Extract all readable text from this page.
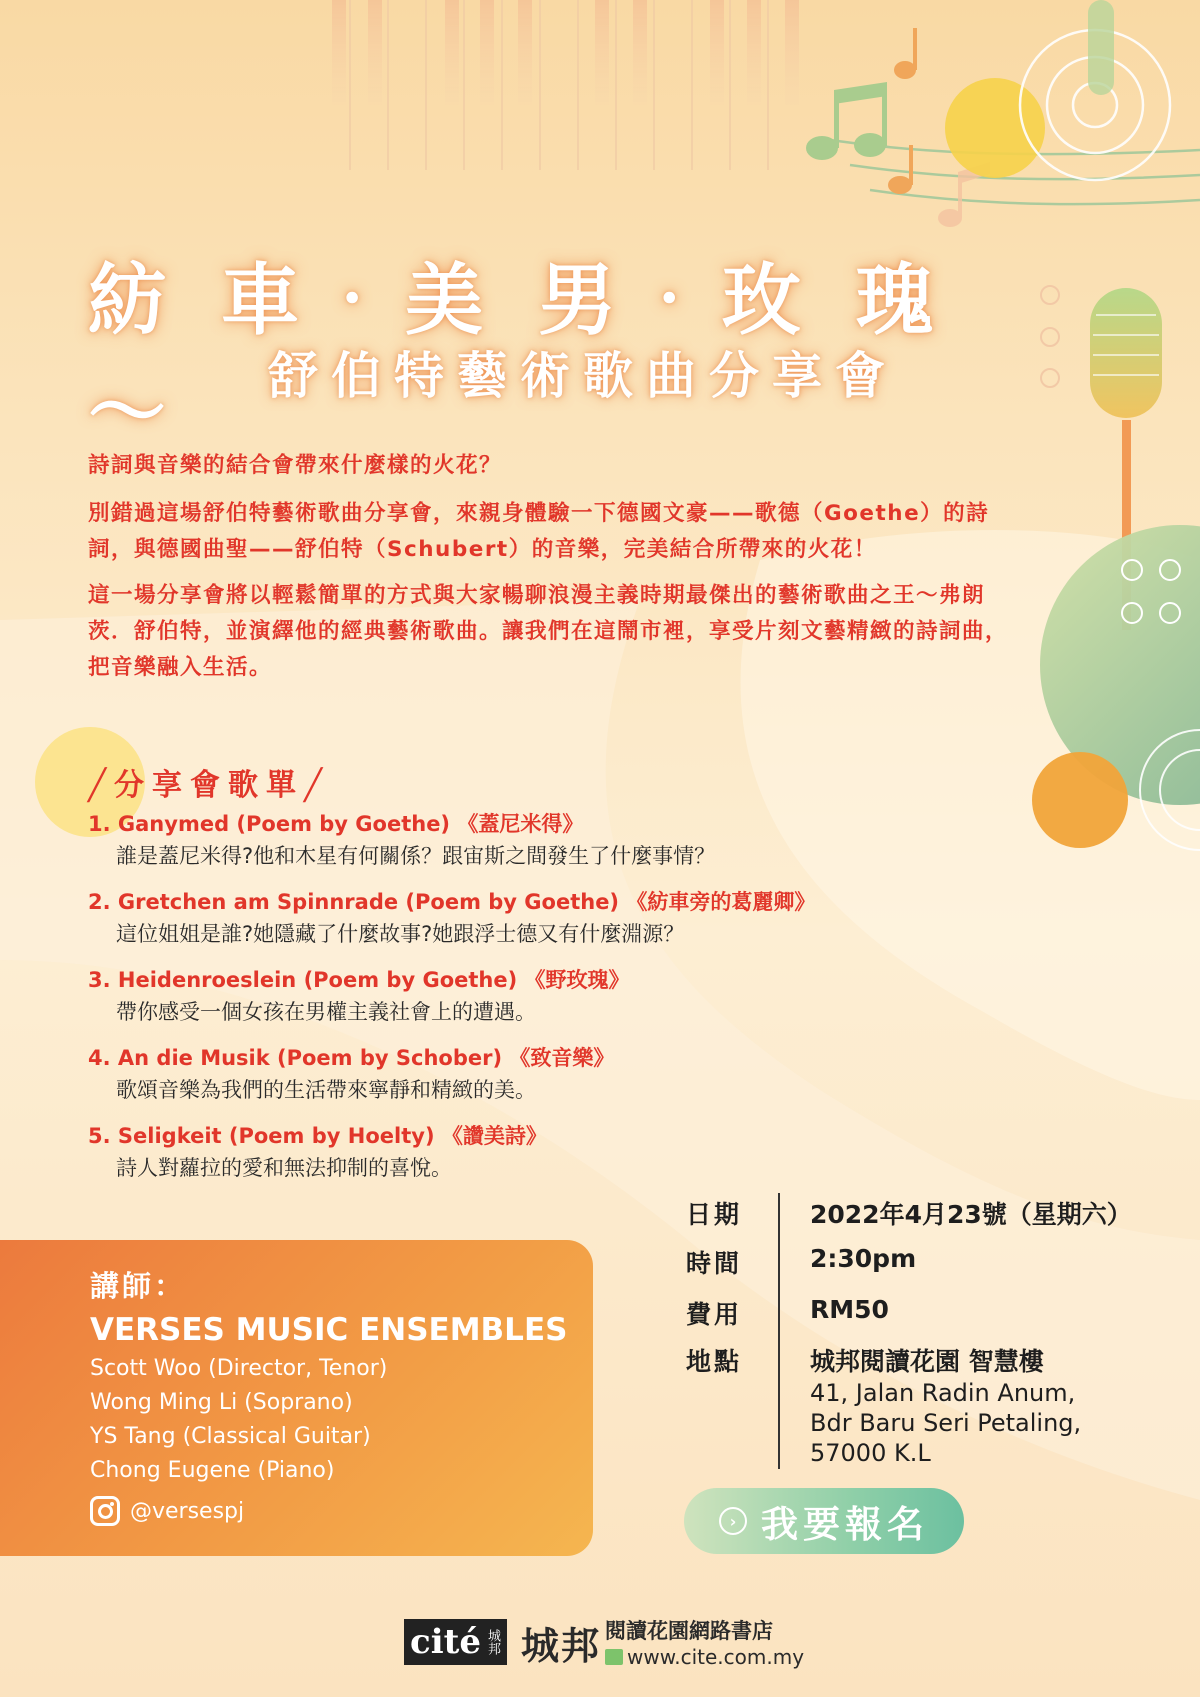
紡 車‧美 男‧玫 瑰 ～	舒伯特藝術歌曲分享會

詩詞與音樂的結合會帶來什麼樣的火花？

別錯過這場舒伯特藝術歌曲分享會，來親身體驗一下德國文豪——歌德（Goethe）的詩詞，與德國曲聖——舒伯特（Schubert）的音樂，完美結合所帶來的火花！

這一場分享會將以輕鬆簡單的方式與大家暢聊浪漫主義時期最傑出的藝術歌曲之王～弗朗茨．舒伯特，並演繹他的經典藝術歌曲。讓我們在這鬧市裡，享受片刻文藝精緻的詩詞曲，把音樂融入生活。

╱分享會歌單╱
1. Ganymed (Poem by Goethe) 《蓋尼米得》
誰是蓋尼米得?他和木星有何關係？跟宙斯之間發生了什麼事情？
2. Gretchen am Spinnrade (Poem by Goethe) 《紡車旁的葛麗卿》
這位姐姐是誰?她隱藏了什麼故事?她跟浮士德又有什麼淵源？
3. Heidenroeslein (Poem by Goethe) 《野玫瑰》
帶你感受一個女孩在男權主義社會上的遭遇。
4. An die Musik (Poem by Schober) 《致音樂》
歌頌音樂為我們的生活帶來寧靜和精緻的美。
5. Seligkeit (Poem by Hoelty) 《讚美詩》
詩人對蘿拉的愛和無法抑制的喜悅。
講師：
VERSES MUSIC ENSEMBLES
Scott Woo (Director, Tenor)
Wong Ming Li (Soprano)
YS Tang (Classical Guitar)
Chong Eugene (Piano)
@versespj
日期	2022年4月23號（星期六）
時間	2:30pm
費用	RM50
地點	城邦閱讀花園 智慧樓
41, Jalan Radin Anum,
Bdr Baru Seri Petaling,
57000 K.L
› 我要報名
cité 城邦 城邦 閱讀花園網路書店
www.cite.com.my
